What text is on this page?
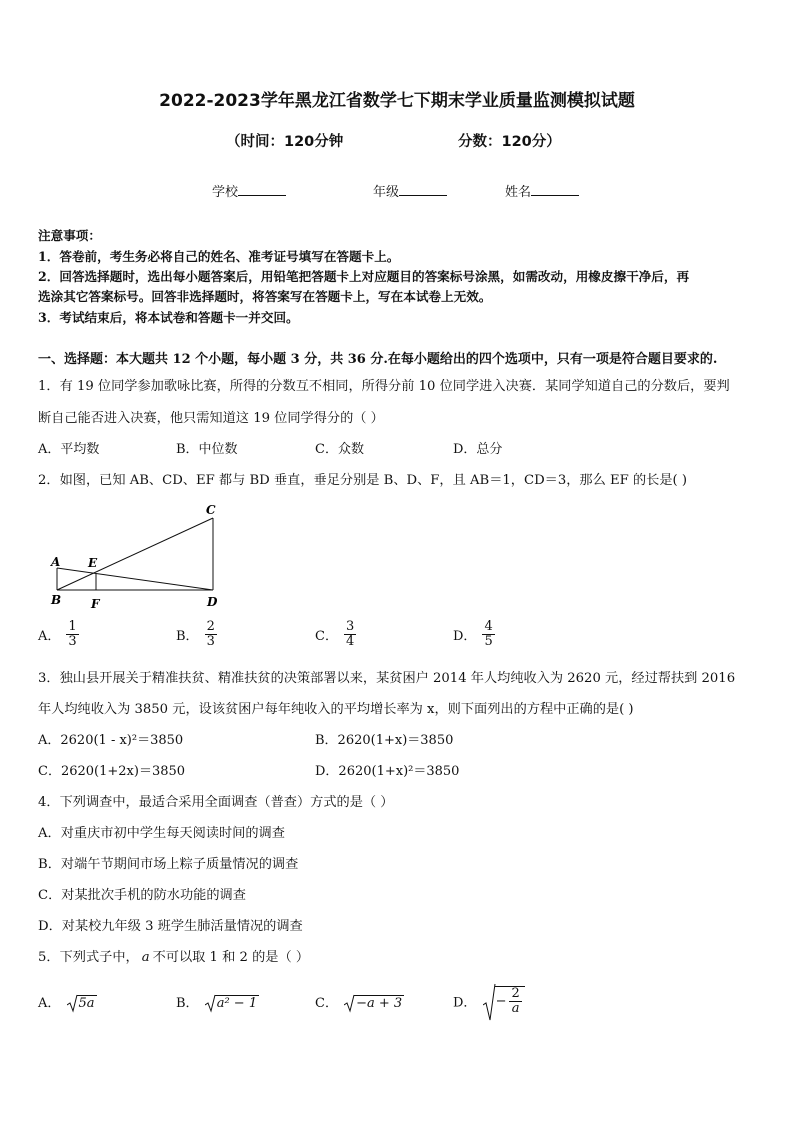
2022-2023学年黑龙江省数学七下期末学业质量监测模拟试题
（时间：120分钟	分数：120分）
学校	年级	姓名
注意事项：
1．答卷前，考生务必将自己的姓名、准考证号填写在答题卡上。
2．回答选择题时，选出每小题答案后，用铅笔把答题卡上对应题目的答案标号涂黑，如需改动，用橡皮擦干净后，再
选涂其它答案标号。回答非选择题时，将答案写在答题卡上，写在本试卷上无效。
3．考试结束后，将本试卷和答题卡一并交回。
一、选择题：本大题共 12 个小题，每小题 3 分，共 36 分.在每小题给出的四个选项中，只有一项是符合题目要求的.
1．有 19 位同学参加歌咏比赛，所得的分数互不相同，所得分前 10 位同学进入决赛．某同学知道自己的分数后，要判
断自己能否进入决赛，他只需知道这 19 位同学得分的（ ）
A．平均数	B．中位数	C．众数	D．总分
2．如图，已知 AB、CD、EF 都与 BD 垂直，垂足分别是 B、D、F，且 AB＝1，CD＝3，那么 EF 的长是( )
A
B
C
D
E
F
A． $\frac{1}{3}$	B． $\frac{2}{3}$	C． $\frac{3}{4}$	D． $\frac{4}{5}$
3．独山县开展关于精准扶贫、精准扶贫的决策部署以来，某贫困户 2014 年人均纯收入为 2620 元，经过帮扶到 2016
年人均纯收入为 3850 元，设该贫困户每年纯收入的平均增长率为 x，则下面列出的方程中正确的是( )
A．2620(1 - x)²＝3850	B．2620(1+x)＝3850
C．2620(1+2x)＝3850	D．2620(1+x)²＝3850
4．下列调查中，最适合采用全面调查（普查）方式的是（ ）
A．对重庆市初中学生每天阅读时间的调查
B．对端午节期间市场上粽子质量情况的调查
C．对某批次手机的防水功能的调查
D．对某校九年级 3 班学生肺活量情况的调查
5．下列式子中， a 不可以取 1 和 2 的是（ ）
A． 5a	B． a² − 1	C． −a + 3	D． − $\frac{2}{a}$
